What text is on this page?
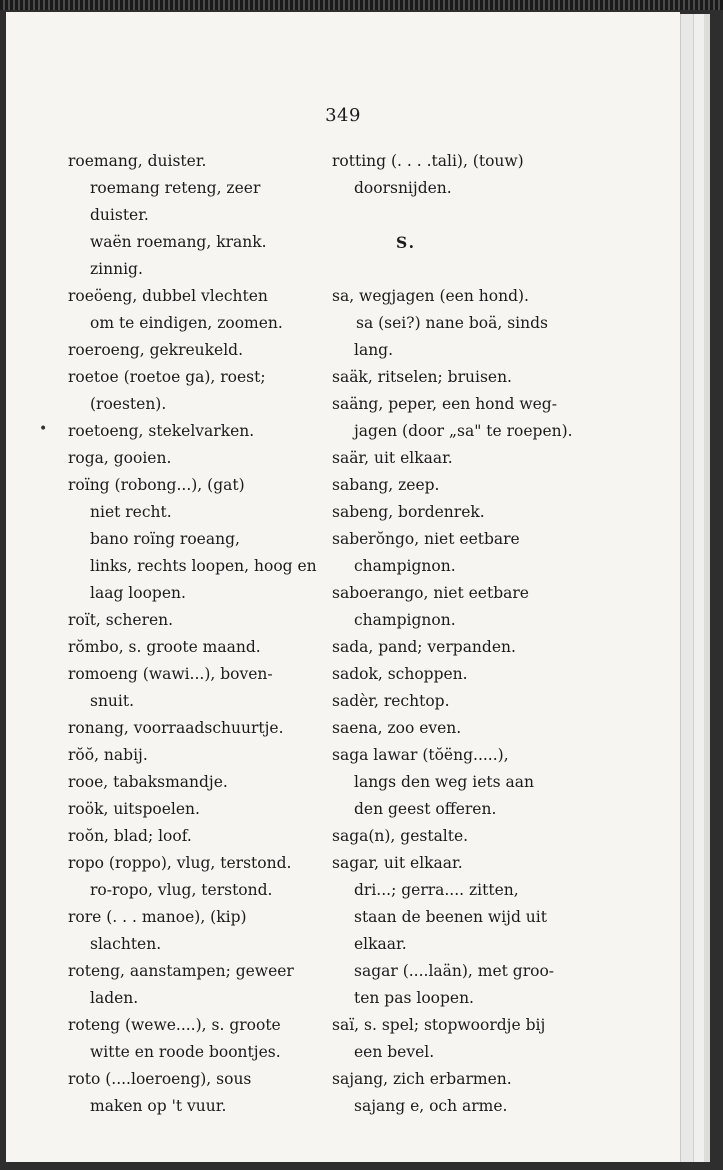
349
•
roemang, duister.
roemang reteng, zeer
duister.
waën roemang, krank.
zinnig.
roeöeng, dubbel vlechten
om te eindigen, zoomen.
roeroeng, gekreukeld.
roetoe (roetoe ga), roest;
(roesten).
roetoeng, stekelvarken.
roga, gooien.
roïng (robong...), (gat)
niet recht.
bano roïng roeang,
links, rechts loopen, hoog en
laag loopen.
roït, scheren.
rŏmbo, s. groote maand.
romoeng (wawi...), boven-
snuit.
ronang, voorraadschuurtje.
rŏŏ, nabij.
rooe, tabaksmandje.
roök, uitspoelen.
roŏn, blad; loof.
ropo (roppo), vlug, terstond.
ro-ropo, vlug, terstond.
rore (. . . manoe), (kip)
slachten.
roteng, aanstampen; geweer
laden.
roteng (wewe....), s. groote
witte en roode boontjes.
roto (....loeroeng), sous
maken op 't vuur.
rotting (. . . .tali), (touw)
doorsnijden.
S.
sa, wegjagen (een hond).
sa (sei?) nane boä, sinds
lang.
saäk, ritselen; bruisen.
saäng, peper, een hond weg-
jagen (door „sa" te roepen).
saär, uit elkaar.
sabang, zeep.
sabeng, bordenrek.
saberŏngo, niet eetbare
champignon.
saboerango, niet eetbare
champignon.
sada, pand; verpanden.
sadok, schoppen.
sadèr, rechtop.
saena, zoo even.
saga lawar (tŏëng.....),
langs den weg iets aan
den geest offeren.
saga(n), gestalte.
sagar, uit elkaar.
dri...; gerra.... zitten,
staan de beenen wijd uit
elkaar.
sagar (....laän), met groo-
ten pas loopen.
saï, s. spel; stopwoordje bij
een bevel.
sajang, zich erbarmen.
sajang e, och arme.
